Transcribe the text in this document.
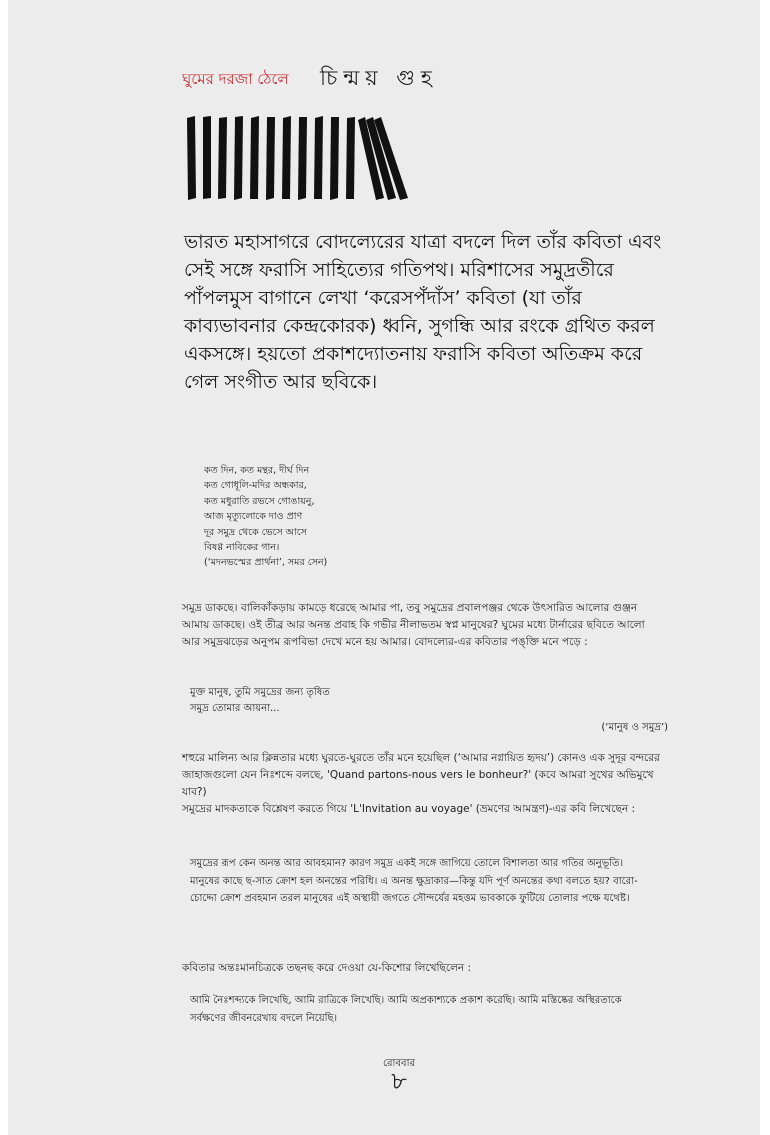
ঘুমের দরজা ঠেলে চিন্ময় গুহ

ভারত মহাসাগরে বোদল্যেরের যাত্রা বদলে দিল তাঁর কবিতা এবং সেই সঙ্গে ফরাসি সাহিত্যের গতিপথ। মরিশাসের সমুদ্রতীরে পাঁপলমুস বাগানে লেখা ‘করেসপঁদাঁস’ কবিতা (যা তাঁর কাব্যভাবনার কেন্দ্রকোরক) ধ্বনি, সুগন্ধি আর রংকে গ্রথিত করল একসঙ্গে। হয়তো প্রকাশদ্যোতনায় ফরাসি কবিতা অতিক্রম করে গেল সংগীত আর ছবিকে।

কত দিন, কত মন্থর, দীর্ঘ দিন
কত গোধূলি-মদির অন্ধকার,
কত মধুরাতি রভসে গোঙায়নু,
আজ মৃত্যুলোকে দাও প্রাণ
দূর সমুদ্র থেকে ভেসে আসে
বিষণ্ণ নাবিকের গান।
(‘মদনভস্মের প্রার্থনা’, সমর সেন)

সমুদ্র ডাকছে। বালিকাঁকড়ায় কামড়ে ধরেছে আমার পা, তবু সমুদ্রের প্রবালপঞ্জর থেকে উৎসারিত আলোর গুঞ্জন আমায় ডাকছে। ওই তীব্র আর অনন্ত প্রবাহ কি গভীর নীলাভতম স্বপ্ন মানুষের? ঘুমের মধ্যে টার্নারের ছবিতে আলো আর সমুদ্রঝড়ের অনুপম রূপবিভা দেখে মনে হয় আমার। বোদল্যের-এর কবিতার পঙ্‌ক্তি মনে পড়ে :

মুক্ত মানুষ, তুমি সমুদ্রের জন্য তৃষিত

সমুদ্র তোমার আয়না...

(‘মানুষ ও সমুদ্র’)

শহুরে মালিন্য আর ক্লিন্নতার মধ্যে ঘুরতে-ঘুরতে তাঁর মনে হয়েছিল (‘আমার নগ্নায়িত হৃদয়’) কোনও এক সুদূর বন্দরের জাহাজগুলো যেন নিঃশব্দে বলছে, 'Quand partons-nous vers le bonheur?' (কবে আমরা সুখের অভিমুখে যাব?)

সমুদ্রের মাদকতাকে বিশ্লেষণ করতে গিয়ে 'L'Invitation au voyage' (ভ্রমণের আমন্ত্রণ)-এর কবি লিখেছেন :

সমুদ্রের রূপ কেন অনন্ত আর আবহমান? কারণ সমুদ্র একই সঙ্গে জাগিয়ে তোলে বিশালতা আর গতির অনুভূতি। মানুষের কাছে ছ-সাত ক্রোশ হল অনন্তের পরিধি। এ অনন্ত ক্ষুদ্রাকার—কিন্তু যদি পূর্ণ অনন্তের কথা বলতে হয়? বারো-চোদ্দো ক্রোশ প্রবহমান তরল মানুষের এই অস্থায়ী জগতে সৌন্দর্যের মহত্তম ভাবকাকে ফুটিয়ে তোলার পক্ষে যথেষ্ট।

কবিতার অন্তঃমানচিত্রকে তছনছ করে দেওয়া যে-কিশোর লিখেছিলেন :

আমি নৈঃশব্দ্যকে লিখেছি, আমি রাত্রিকে লিখেছি। আমি অপ্রকাশ্যকে প্রকাশ করেছি। আমি মস্তিষ্কের অস্থিরতাকে সর্বক্ষণের জীবনরেখায় বদলে নিয়েছি।

রোববার
৮
